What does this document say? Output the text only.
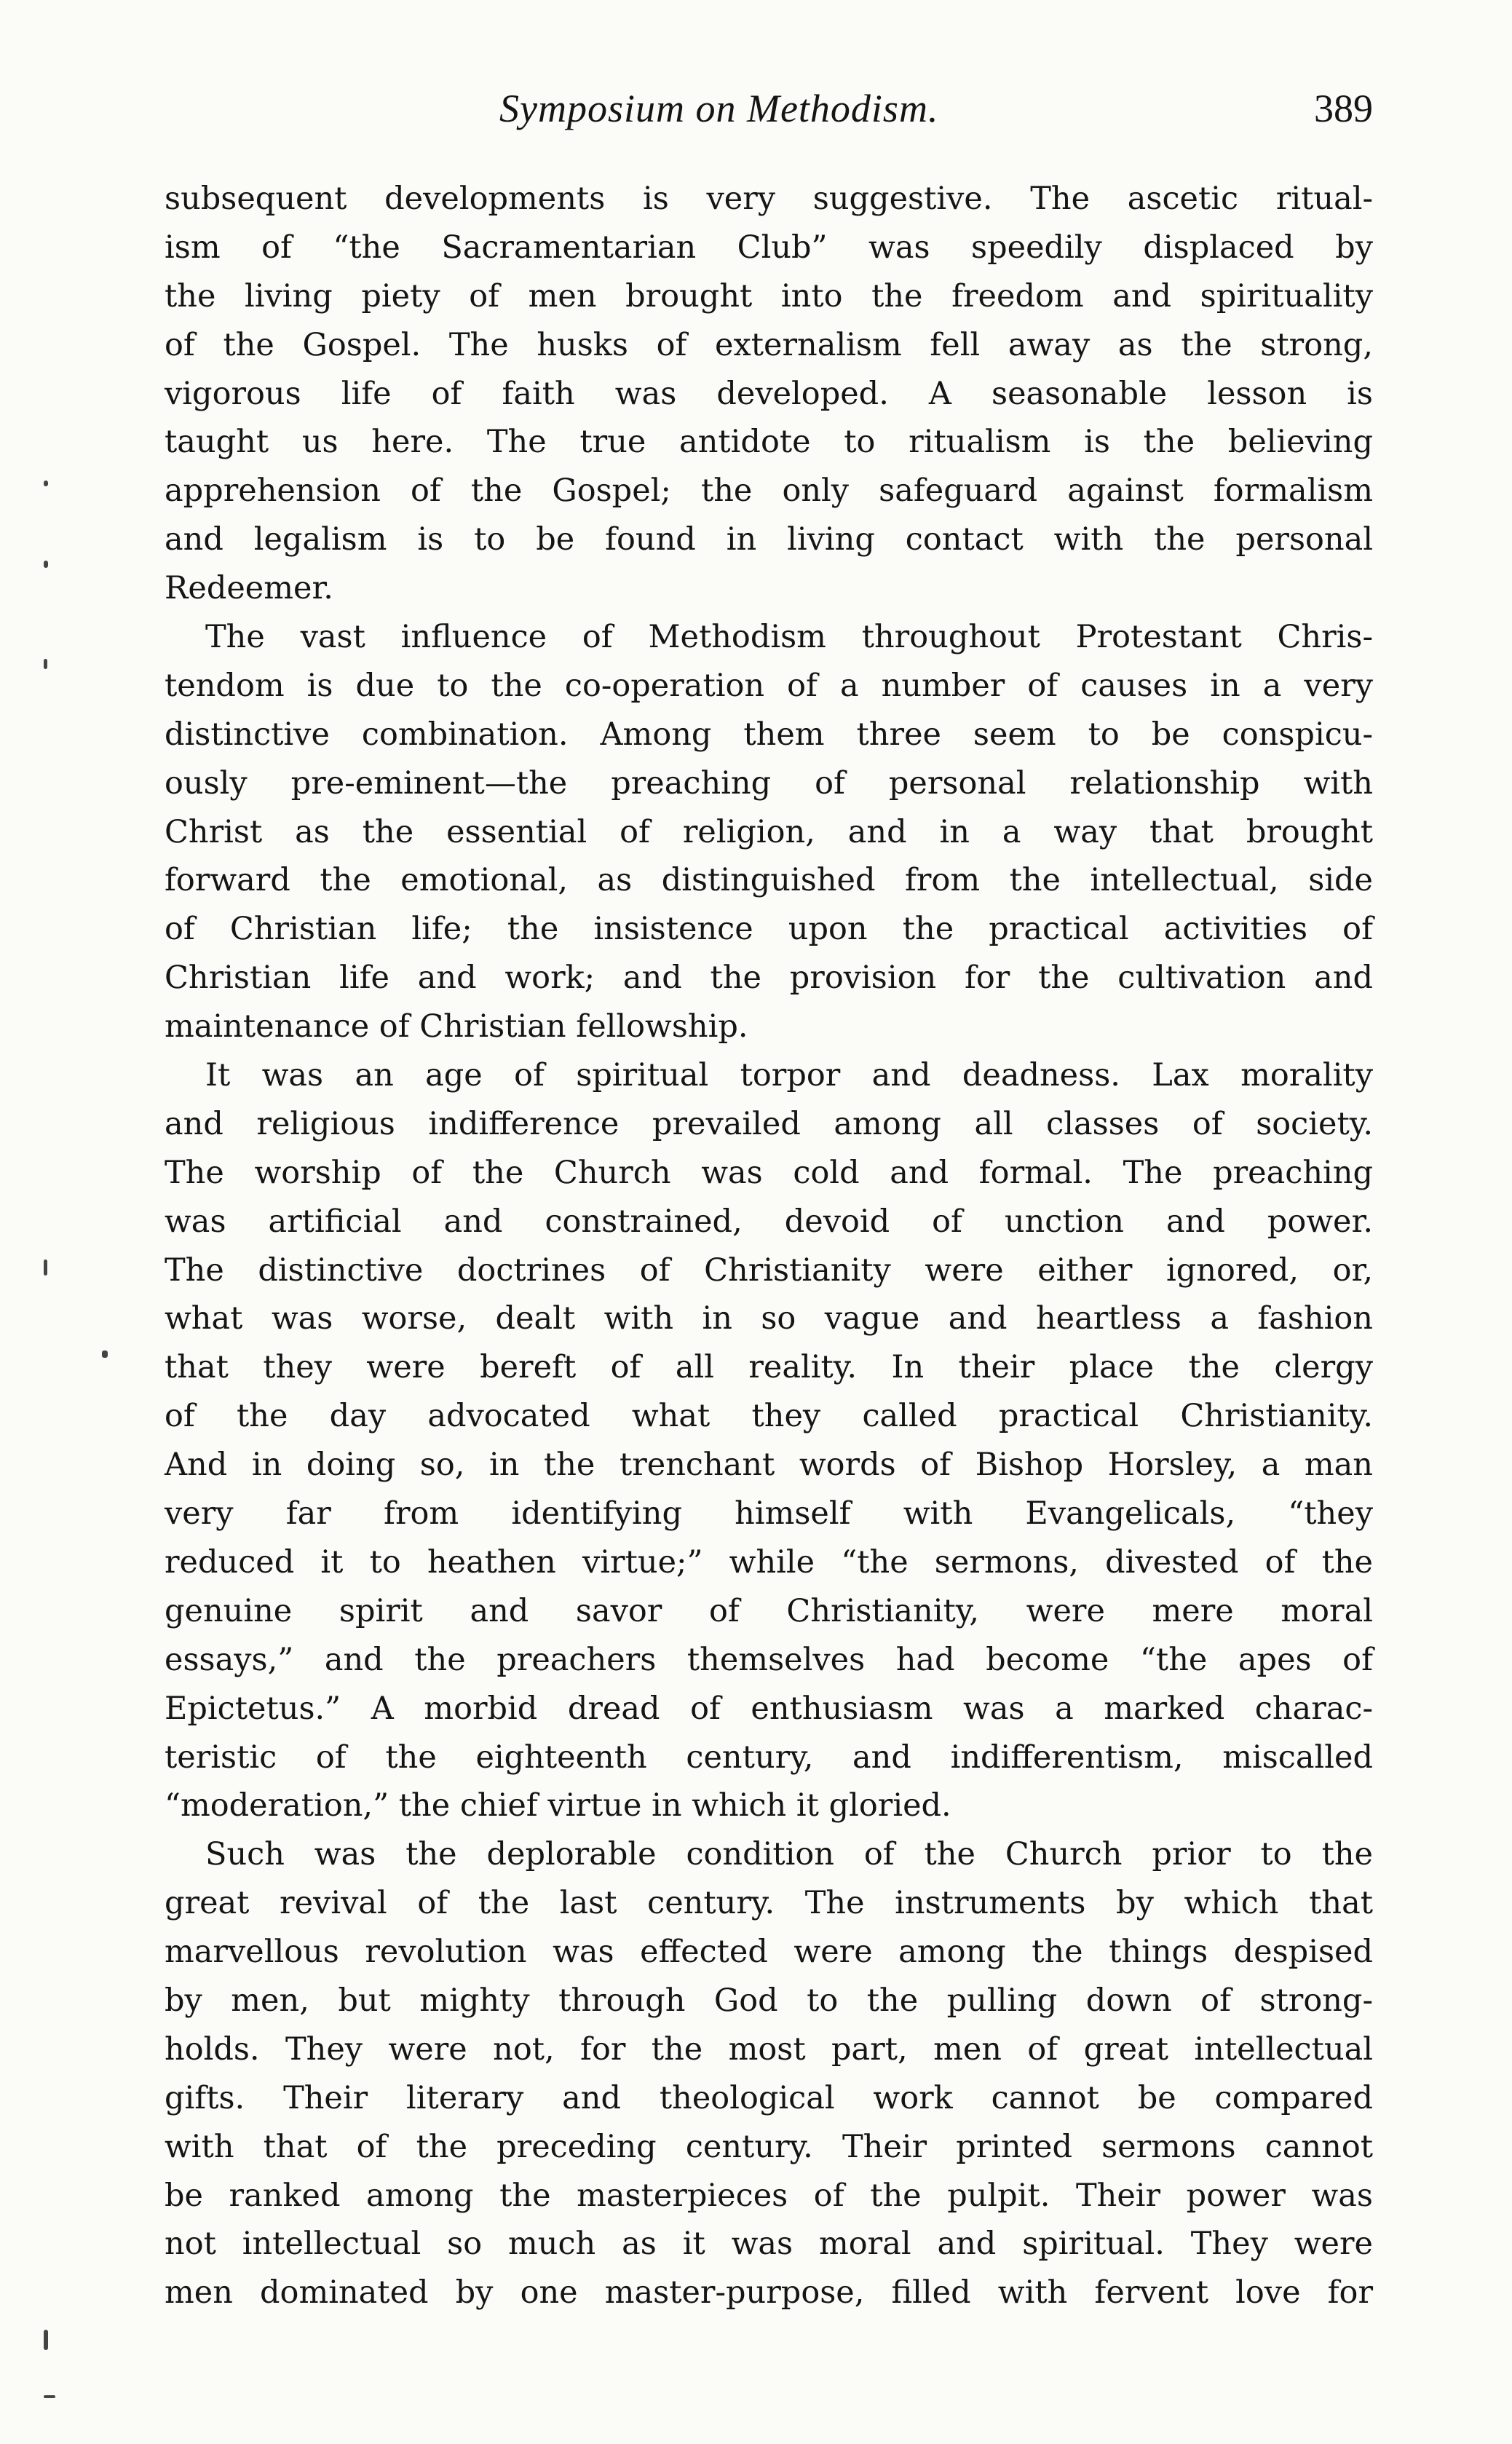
Symposium on Methodism.	389
subsequent developments is very suggestive. The ascetic ritual-
ism of “the Sacramentarian Club” was speedily displaced by
the living piety of men brought into the freedom and spirituality
of the Gospel. The husks of externalism fell away as the strong,
vigorous life of faith was developed. A seasonable lesson is
taught us here. The true antidote to ritualism is the believing
apprehension of the Gospel; the only safeguard against formalism
and legalism is to be found in living contact with the personal
Redeemer.
The vast influence of Methodism throughout Protestant Chris-
tendom is due to the co-operation of a number of causes in a very
distinctive combination. Among them three seem to be conspicu-
ously pre-eminent—the preaching of personal relationship with
Christ as the essential of religion, and in a way that brought
forward the emotional, as distinguished from the intellectual, side
of Christian life; the insistence upon the practical activities of
Christian life and work; and the provision for the cultivation and
maintenance of Christian fellowship.
It was an age of spiritual torpor and deadness. Lax morality
and religious indifference prevailed among all classes of society.
The worship of the Church was cold and formal. The preaching
was artificial and constrained, devoid of unction and power.
The distinctive doctrines of Christianity were either ignored, or,
what was worse, dealt with in so vague and heartless a fashion
that they were bereft of all reality. In their place the clergy
of the day advocated what they called practical Christianity.
And in doing so, in the trenchant words of Bishop Horsley, a man
very far from identifying himself with Evangelicals, “they
reduced it to heathen virtue;” while “the sermons, divested of the
genuine spirit and savor of Christianity, were mere moral
essays,” and the preachers themselves had become “the apes of
Epictetus.” A morbid dread of enthusiasm was a marked charac-
teristic of the eighteenth century, and indifferentism, miscalled
“moderation,” the chief virtue in which it gloried.
Such was the deplorable condition of the Church prior to the
great revival of the last century. The instruments by which that
marvellous revolution was effected were among the things despised
by men, but mighty through God to the pulling down of strong-
holds. They were not, for the most part, men of great intellectual
gifts. Their literary and theological work cannot be compared
with that of the preceding century. Their printed sermons cannot
be ranked among the masterpieces of the pulpit. Their power was
not intellectual so much as it was moral and spiritual. They were
men dominated by one master-purpose, filled with fervent love for
